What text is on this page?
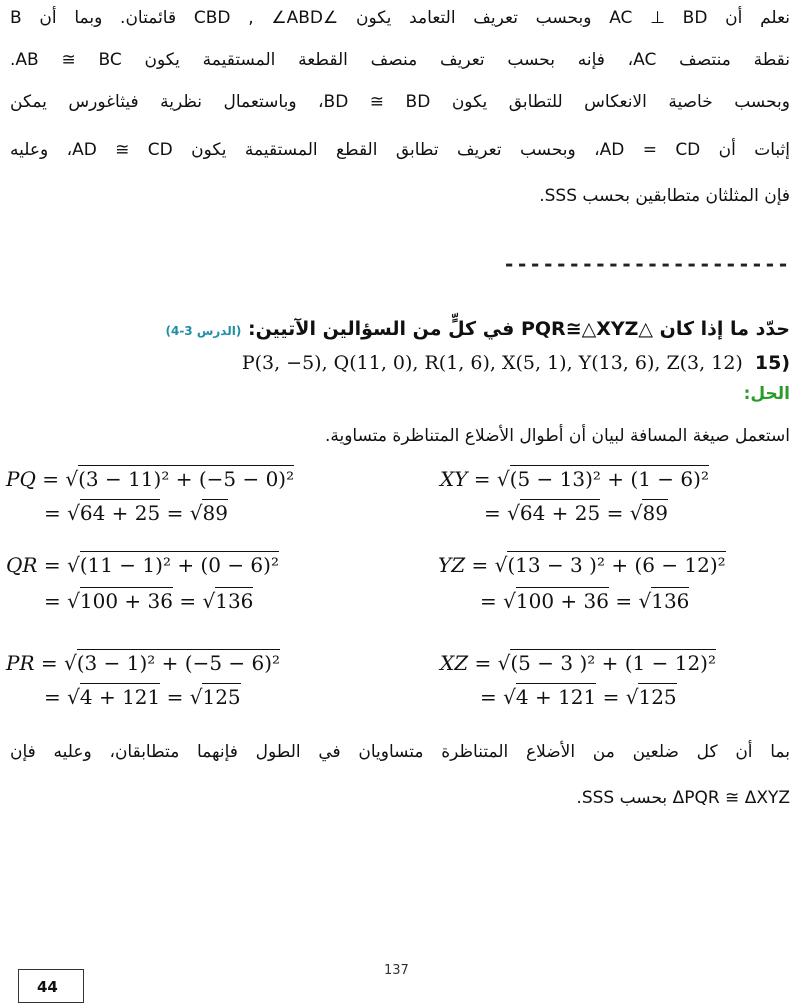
نعلم أن AC ⊥ BD وبحسب تعريف التعامد يكون ∠CBD , ∠ABD قائمتان. وبما أن B
نقطة منتصف AC، فإنه بحسب تعريف منصف القطعة المستقيمة يكون AB ≅ BC.
وبحسب خاصية الانعكاس للتطابق يكون BD ≅ BD، وباستعمال نظرية فيثاغورس يمكن
إثبات أن AD = CD، وبحسب تعريف تطابق القطع المستقيمة يكون AD ≅ CD، وعليه
فإن المثلثان متطابقين بحسب SSS.
----------------------
حدّد ما إذا كان △PQR≅△XYZ في كلٍّ من السؤالين الآتيين: (الدرس 3-4)
P(3, −5), Q(11, 0), R(1, 6), X(5, 1), Y(13, 6), Z(3, 12) 15)
الحل:
استعمل صيغة المسافة لبيان أن أطوال الأضلاع المتناظرة متساوية.
PQ = √(3 − 11)² + (−5 − 0)²
= √64 + 25 = √89
XY = √(5 − 13)² + (1 − 6)²
= √64 + 25 = √89
QR = √(11 − 1)² + (0 − 6)²
= √100 + 36 = √136
YZ = √(13 − 3 )² + (6 − 12)²
= √100 + 36 = √136
PR = √(3 − 1)² + (−5 − 6)²
= √4 + 121 = √125
XZ = √(5 − 3 )² + (1 − 12)²
= √4 + 121 = √125
بما أن كل ضلعين من الأضلاع المتناظرة متساويان في الطول فإنهما متطابقان، وعليه فإن
ΔPQR ≅ ΔXYZ بحسب SSS.
137
44
